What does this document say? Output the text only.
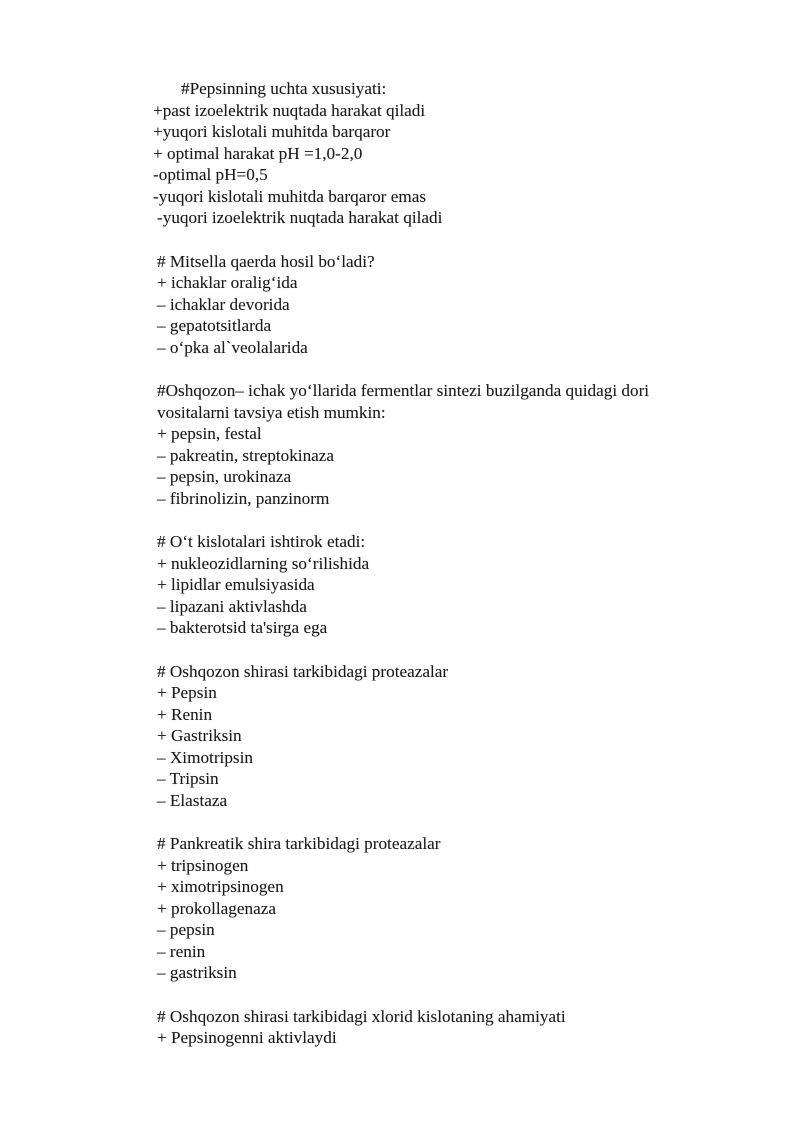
#Pepsinning uchta xususiyati:
+past izoelektrik nuqtada harakat qiladi
+yuqori kislotali muhitda barqaror
+ optimal harakat pH =1,0-2,0
-optimal pH=0,5
-yuqori kislotali muhitda barqaror emas
-yuqori izoelektrik nuqtada harakat qiladi
# Mitsella qaerda hosil boʻladi?
+ ichaklar oraligʻida
– ichaklar devorida
– gepatotsitlarda
– oʻpka al`veolalarida
#Oshqozon– ichak yoʻllarida fermentlar sintezi buzilganda quidagi dori
vositalarni tavsiya etish mumkin:
+ pepsin, festal
– pakreatin, streptokinaza
– pepsin, urokinaza
– fibrinolizin, panzinorm
# Oʻt kislotalari ishtirok etadi:
+ nukleozidlarning soʻrilishida
+ lipidlar emulsiyasida
– lipazani aktivlashda
– bakterotsid ta'sirga ega
# Oshqozon shirasi tarkibidagi proteazalar
+ Pepsin
+ Renin
+ Gastriksin
– Ximotripsin
– Tripsin
– Elastaza
# Pankreatik shira tarkibidagi proteazalar
+ tripsinogen
+ ximotripsinogen
+ prokollagenaza
– pepsin
– renin
– gastriksin
# Oshqozon shirasi tarkibidagi xlorid kislotaning ahamiyati
+ Pepsinogenni aktivlaydi
